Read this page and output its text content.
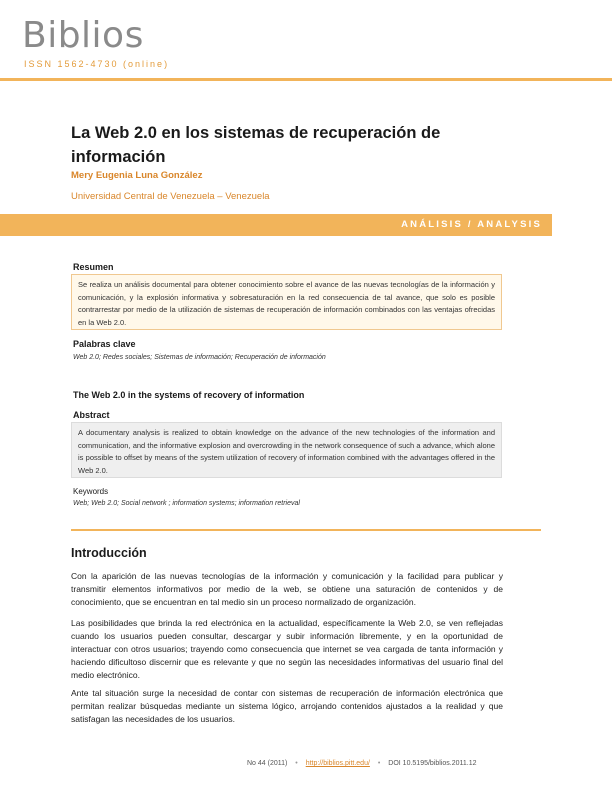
Biblios
ISSN 1562-4730 (online)
La Web 2.0 en los sistemas de recuperación de información
Mery Eugenia Luna González
Universidad Central de Venezuela – Venezuela
ANÁLISIS / ANALYSIS
Resumen
Se realiza un análisis documental para obtener conocimiento sobre el avance de las nuevas tecnologías de la información y comunicación, y la explosión informativa y sobresaturación en la red consecuencia de tal avance, que solo es posible contrarrestar por medio de la utilización de sistemas de recuperación de información combinados con las ventajas ofrecidas en la Web 2.0.
Palabras clave
Web 2.0; Redes sociales; Sistemas de información; Recuperación de información
The Web 2.0 in the systems of recovery of information
Abstract
A documentary analysis is realized to obtain knowledge on the advance of the new technologies of the information and communication, and the informative explosion and overcrowding in the network consequence of such a advance, which alone is possible to offset by means of the system utilization of recovery of information combined with the advantages offered in the Web 2.0.
Keywords
Web; Web 2.0; Social network ; information systems; information retrieval
Introducción
Con la aparición de las nuevas tecnologías de la información y comunicación y la facilidad para publicar y transmitir elementos informativos por medio de la web, se obtiene una saturación de contenidos y de conocimiento, que se encuentran en tal medio sin un proceso normalizado de organización.
Las posibilidades que brinda la red electrónica en la actualidad, específicamente la Web 2.0, se ven reflejadas cuando los usuarios pueden consultar, descargar y subir información libremente, y en la oportunidad de interactuar con otros usuarios; trayendo como consecuencia que internet se vea cargada de tanta información y haciendo dificultoso discernir que es relevante y que no según las necesidades informativas del usuario final del medio electrónico.
Ante tal situación surge la necesidad de contar con sistemas de recuperación de información electrónica que permitan realizar búsquedas mediante un sistema lógico, arrojando contenidos ajustados a la realidad y que satisfagan las necesidades de los usuarios.
No 44 (2011) • http://biblios.pitt.edu/ • DOI 10.5195/biblios.2011.12
